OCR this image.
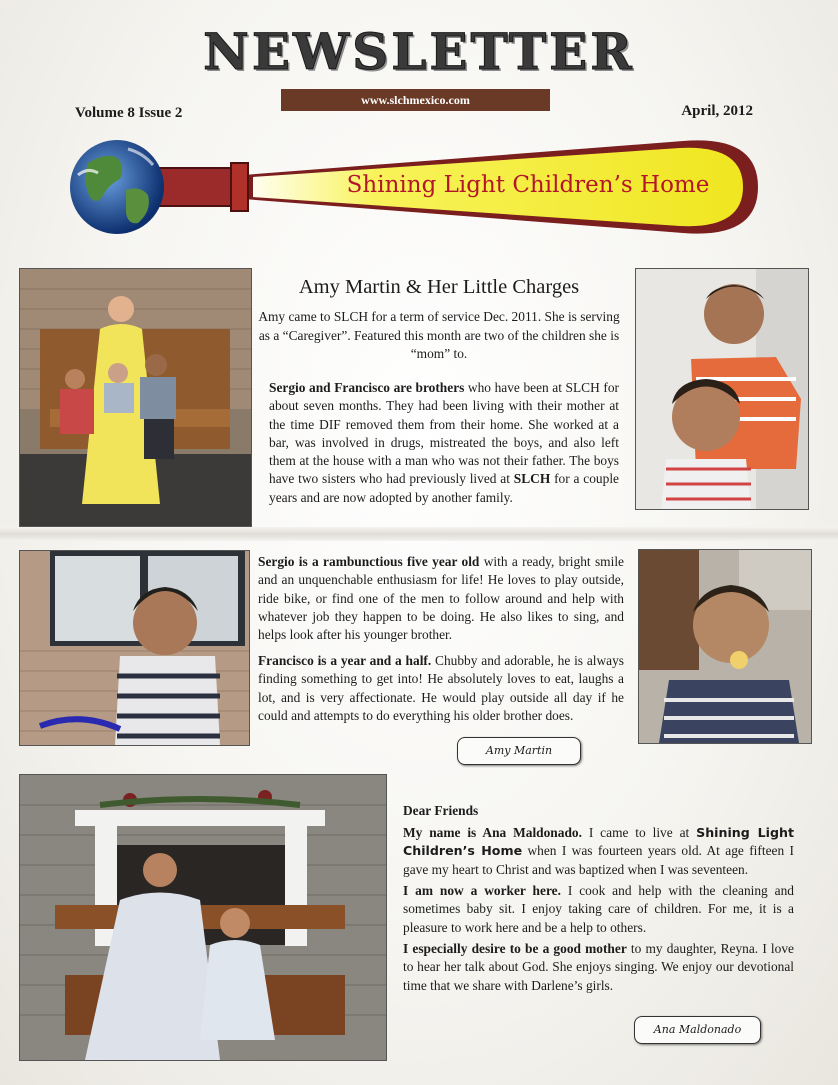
NEWSLETTER
www.slchmexico.com
Volume 8 Issue 2	April, 2012
Shining Light Children’s Home
Amy Martin & Her Little Charges
Amy came to SLCH for a term of service Dec. 2011. She is serving as a “Caregiver”. Featured this month are two of the children she is “mom” to.

Sergio and Francisco are brothers who have been at SLCH for about seven months. They had been living with their mother at the time DIF removed them from their home. She worked at a bar, was involved in drugs, mistreated the boys, and also left them at the house with a man who was not their father. The boys have two sisters who had previously lived at SLCH for a couple years and are now adopted by another family.

Sergio is a rambunctious five year old with a ready, bright smile and an unquenchable enthusiasm for life! He loves to play outside, ride bike, or find one of the men to follow around and help with whatever job they happen to be doing. He also likes to sing, and helps look after his younger brother.

Francisco is a year and a half. Chubby and adorable, he is always finding something to get into! He absolutely loves to eat, laughs a lot, and is very affectionate. He would play outside all day if he could and attempts to do everything his older brother does.

Amy Martin
Dear Friends

My name is Ana Maldonado. I came to live at Shining Light Children’s Home when I was fourteen years old. At age fifteen I gave my heart to Christ and was baptized when I was seventeen.

I am now a worker here. I cook and help with the cleaning and sometimes baby sit. I enjoy taking care of children. For me, it is a pleasure to work here and be a help to others.

I especially desire to be a good mother to my daughter, Reyna. I love to hear her talk about God. She enjoys singing. We enjoy our devotional time that we share with Darlene’s girls.

Ana Maldonado
